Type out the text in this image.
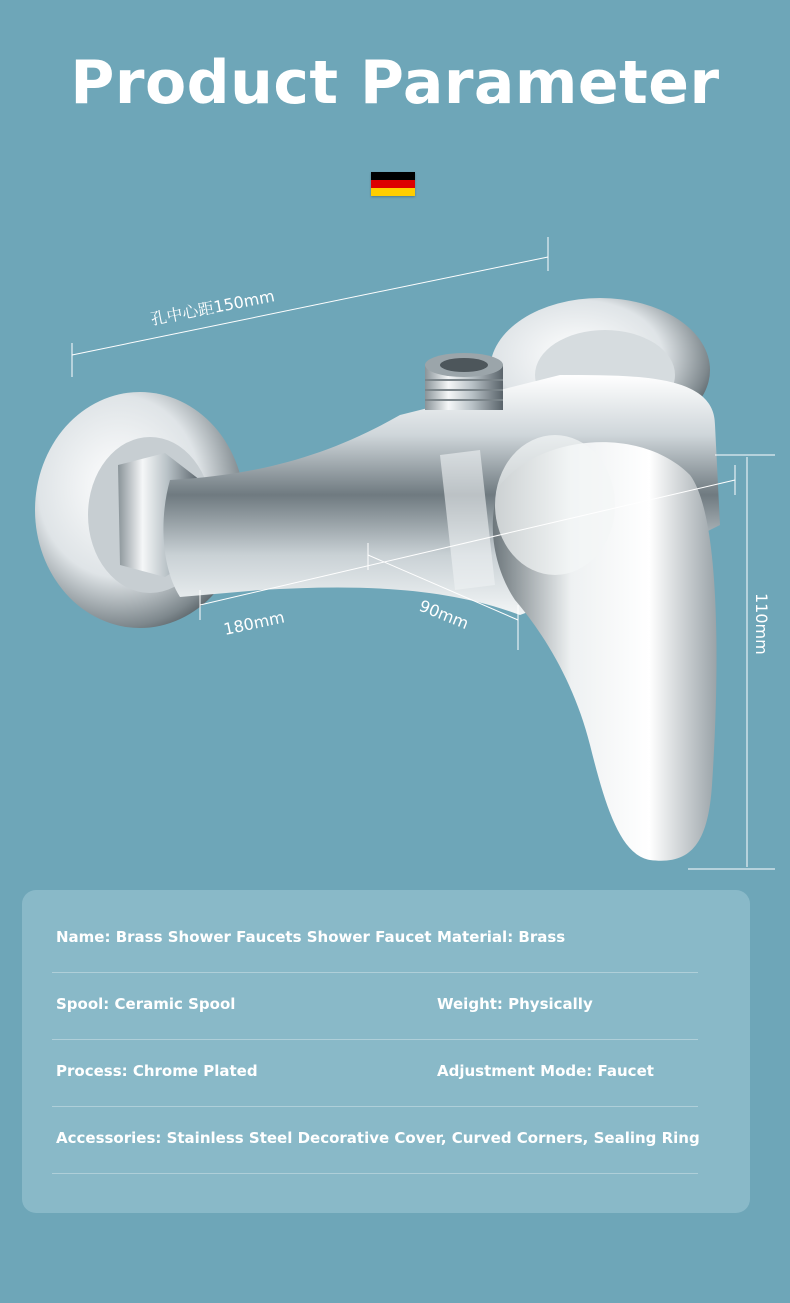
Product Parameter
孔中心距150mm
180mm	90mm	110mm
Name: Brass Shower Faucets Shower Faucet Material: Brass
Spool: Ceramic Spool	Weight: Physically
Process: Chrome Plated	Adjustment Mode: Faucet
Accessories: Stainless Steel Decorative Cover, Curved Corners, Sealing Ring
